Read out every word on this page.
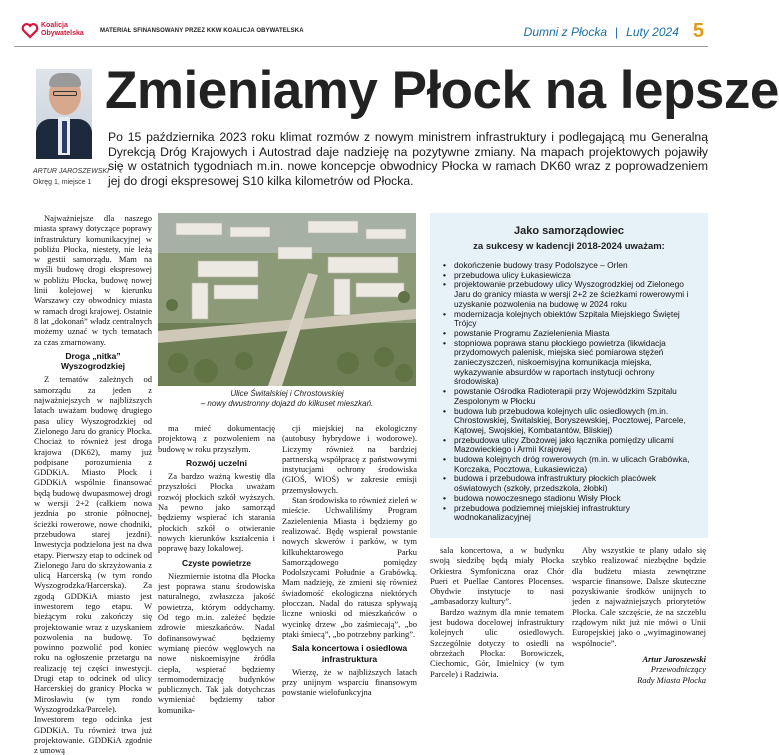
Koalicja
Obywatelska	MATERIAŁ SFINANSOWANY PRZEZ KKW KOALICJA OBYWATELSKA	Dumni z Płocka | Luty 2024 5
ARTUR JAROSZEWSKI
Okręg 1, miejsce 1
Zmieniamy Płock na lepsze

Po 15 października 2023 roku klimat rozmów z nowym ministrem infrastruktury i podlegającą mu Generalną Dyrekcją Dróg Krajowych i Autostrad daje nadzieję na pozytywne zmiany. Na mapach projektowych pojawiły się w ostatnich tygodniach m.in. nowe koncepcje obwodnicy Płocka w ramach DK60 wraz z poprowadzeniem jej do drogi ekspresowej S10 kilka kilometrów od Płocka.

Najważniejsze dla naszego miasta sprawy dotyczące poprawy infrastruktury komunikacyjnej w pobliżu Płocka, niestety, nie leżą w gestii samorządu. Mam na myśli budowę drogi ekspresowej w pobliżu Płocka, budowę nowej linii kolejowej w kierunku Warszawy czy obwodnicy miasta w ramach drogi krajowej. Ostatnie 8 lat „dokonań” władz centralnych możemy uznać w tych tematach za czas zmarnowany.

Droga „nitka” Wyszogrodzkiej

Z tematów zależnych od samorządu za jeden z najważniejszych w najbliższych latach uważam budowę drugiego pasa ulicy Wyszogrodzkiej od Zielonego Jaru do granicy Płocka. Chociaż to również jest droga krajowa (DK62), mamy już podpisane porozumienia z GDDKiA. Miasto Płock i GDDKiA wspólnie finansować będą budowę dwupasmowej drogi w wersji 2+2 (całkiem nowa jezdnia po stronie północnej, ścieżki rowerowe, nowe chodniki, przebudowa starej jezdni). Inwestycja podzielona jest na dwa etapy. Pierwszy etap to odcinek od Zielonego Jaru do skrzyżowania z ulicą Harcerską (w tym rondo Wyszogrodzka/Harcerska). Za zgodą GDDKiA miasto jest inwestorem tego etapu. W bieżącym roku zakończy się projektowanie wraz z uzyskaniem pozwolenia na budowę. To powinno pozwolić pod koniec roku na ogłoszenie przetargu na realizację tej części inwestycji. Drugi etap to odcinek od ulicy Harcerskiej do granicy Płocka w Mirosławiu (w tym rondo Wyszogrodzka/Parcele). Inwestorem tego odcinka jest GDDKiA. Tu również trwa już projektowanie. GDDKiA zgodnie z umową

Ulice Świtalskiej i Chrostowskiej
– nowy dwustronny dojazd do kilkuset mieszkań.

ma mieć dokumentację projektową z pozwoleniem na budowę w roku przyszłym.

Rozwój uczelni

Za bardzo ważną kwestię dla przyszłości Płocka uważam rozwój płockich szkół wyższych. Na pewno jako samorząd będziemy wspierać ich starania płockich szkół o otwieranie nowych kierunków kształcenia i poprawę bazy lokalowej.

Czyste powietrze

Niezmiernie istotna dla Płocka jest poprawa stanu środowiska naturalnego, zwłaszcza jakość powietrza, którym oddychamy. Od tego m.in. zależeć będzie zdrowie mieszkańców. Nadal dofinansowywać będziemy wymianę pieców węglowych na nowe niskoemisyjne źródła ciepła, wspierać będziemy termomodernizację budynków publicznych. Tak jak dotychczas wymieniać będziemy tabor komunika-

cji miejskiej na ekologiczny (autobusy hybrydowe i wodorowe). Liczymy również na bardziej partnerską współpracę z państwowymi instytucjami ochrony środowiska (GIOŚ, WIOŚ) w zakresie emisji przemysłowych.

Stan środowiska to również zieleń w mieście. Uchwaliliśmy Program Zazielenienia Miasta i będziemy go realizować. Będę wspierał powstanie nowych skwerów i parków, w tym kilkuhektarowego Parku Samorządowego pomiędzy Podolszycami Południe a Grabówką. Mam nadzieję, że zmieni się również świadomość ekologiczna niektórych płocczan. Nadal do ratusza spływają liczne wnioski od mieszkańców o wycinkę drzew „bo zaśmiecają”, „bo ptaki śmiecą”, „bo potrzebny parking”.

Sala koncertowa i osiedlowa infrastruktura

Wierzę, że w najbliższych latach przy unijnym wsparciu finansowym powstanie wielofunkcyjna

Jako samorządowiec
za sukcesy w kadencji 2018-2024 uważam:
• dokończenie budowy trasy Podolszyce – Orlen
• przebudowa ulicy Łukasiewicza
• projektowanie przebudowy ulicy Wyszogrodzkiej od Zielonego Jaru do granicy miasta w wersji 2+2 ze ścieżkami rowerowymi i uzyskanie pozwolenia na budowę w 2024 roku
• modernizacja kolejnych obiektów Szpitala Miejskiego Świętej Trójcy
• powstanie Programu Zazielenienia Miasta
• stopniowa poprawa stanu płockiego powietrza (likwidacja przydomowych palenisk, miejska sieć pomiarowa stężeń zanieczyszczeń, niskoemisyjna komunikacja miejska, wykazywanie absurdów w raportach instytucji ochrony środowiska)
• powstanie Ośrodka Radioterapii przy Wojewódzkim Szpitalu Zespolonym w Płocku
• budowa lub przebudowa kolejnych ulic osiedlowych (m.in. Chrostowskiej, Świtalskiej, Boryszewskiej, Pocztowej, Parcele, Kątowej, Swojskiej, Kombatantów, Bliskiej)
• przebudowa ulicy Zbożowej jako łącznika pomiędzy ulicami Mazowieckiego i Armii Krajowej
• budowa kolejnych dróg rowerowych (m.in. w ulicach Grabówka, Korczaka, Pocztowa, Łukasiewicza)
• budowa i przebudowa infrastruktury płockich placówek oświatowych (szkoły, przedszkola, żłobki)
• budowa nowoczesnego stadionu Wisły Płock
• przebudowa podziemnej miejskiej infrastruktury wodnokanalizacyjnej

sala koncertowa, a w budynku swoją siedzibę będą miały Płocka Orkiestra Symfoniczna oraz Chór Pueri et Puellae Cantores Plocenses. Obydwie instytucje to nasi „ambasadorzy kultury”.

Bardzo ważnym dla mnie tematem jest budowa docelowej infrastruktury kolejnych ulic osiedlowych. Szczególnie dotyczy to osiedli na obrzeżach Płocka: Borowiczek, Ciechomic, Gór, Imielnicy (w tym Parcele) i Radziwia.

Aby wszystkie te plany udało się szybko realizować niezbędne będzie dla budżetu miasta zewnętrzne wsparcie finansowe. Dalsze skuteczne pozyskiwanie środków unijnych to jeden z najważniejszych priorytetów Płocka. Cale szczęście, że na szczeblu rządowym nikt już nie mówi o Unii Europejskiej jako o „wyimaginowanej wspólnocie”.

Artur Jaroszewski
Przewodniczący
Rady Miasta Płocka
